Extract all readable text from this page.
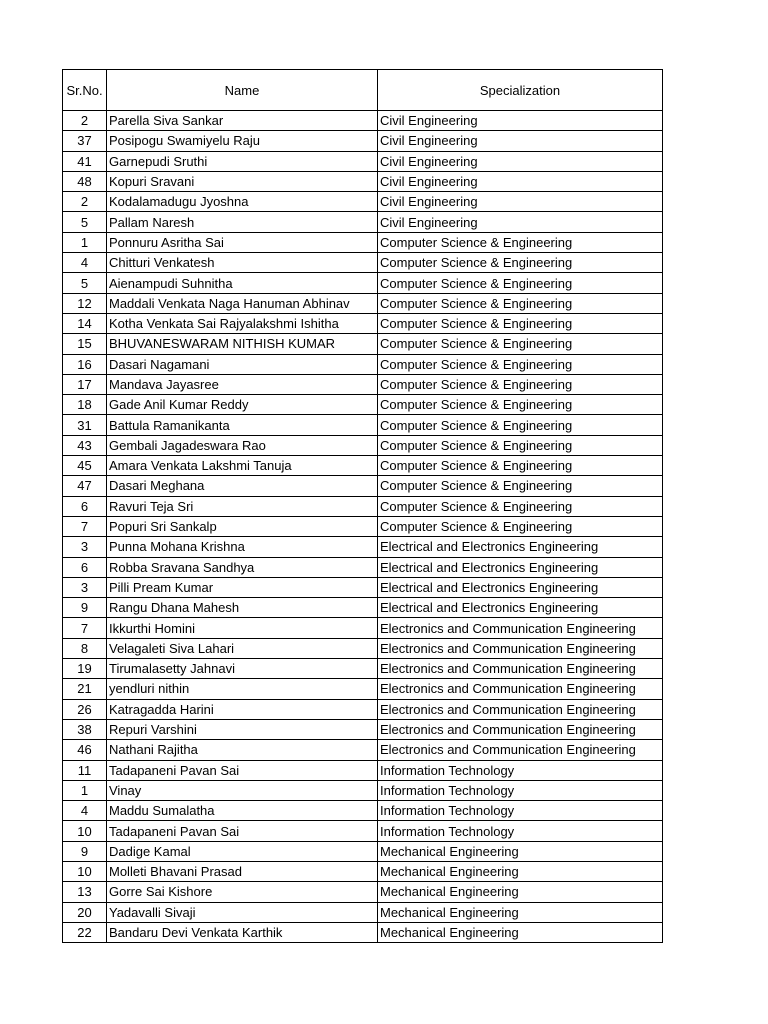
Sr.No.	Name	Specialization
2	Parella Siva Sankar	Civil Engineering
37	Posipogu Swamiyelu Raju	Civil Engineering
41	Garnepudi Sruthi	Civil Engineering
48	Kopuri Sravani	Civil Engineering
2	Kodalamadugu Jyoshna	Civil Engineering
5	Pallam Naresh	Civil Engineering
1	Ponnuru Asritha Sai	Computer Science & Engineering
4	Chitturi Venkatesh	Computer Science & Engineering
5	Aienampudi Suhnitha	Computer Science & Engineering
12	Maddali Venkata Naga Hanuman Abhinav	Computer Science & Engineering
14	Kotha Venkata Sai Rajyalakshmi Ishitha	Computer Science & Engineering
15	BHUVANESWARAM NITHISH KUMAR	Computer Science & Engineering
16	Dasari Nagamani	Computer Science & Engineering
17	Mandava Jayasree	Computer Science & Engineering
18	Gade Anil Kumar Reddy	Computer Science & Engineering
31	Battula Ramanikanta	Computer Science & Engineering
43	Gembali Jagadeswara Rao	Computer Science & Engineering
45	Amara Venkata Lakshmi Tanuja	Computer Science & Engineering
47	Dasari Meghana	Computer Science & Engineering
6	Ravuri Teja Sri	Computer Science & Engineering
7	Popuri Sri Sankalp	Computer Science & Engineering
3	Punna Mohana Krishna	Electrical and Electronics Engineering
6	Robba Sravana Sandhya	Electrical and Electronics Engineering
3	Pilli Pream Kumar	Electrical and Electronics Engineering
9	Rangu Dhana Mahesh	Electrical and Electronics Engineering
7	Ikkurthi Homini	Electronics and Communication Engineering
8	Velagaleti Siva Lahari	Electronics and Communication Engineering
19	Tirumalasetty Jahnavi	Electronics and Communication Engineering
21	yendluri nithin	Electronics and Communication Engineering
26	Katragadda Harini	Electronics and Communication Engineering
38	Repuri Varshini	Electronics and Communication Engineering
46	Nathani Rajitha	Electronics and Communication Engineering
11	Tadapaneni Pavan Sai	Information Technology
1	Vinay	Information Technology
4	Maddu Sumalatha	Information Technology
10	Tadapaneni Pavan Sai	Information Technology
9	Dadige Kamal	Mechanical Engineering
10	Molleti Bhavani Prasad	Mechanical Engineering
13	Gorre Sai Kishore	Mechanical Engineering
20	Yadavalli Sivaji	Mechanical Engineering
22	Bandaru Devi Venkata Karthik	Mechanical Engineering
